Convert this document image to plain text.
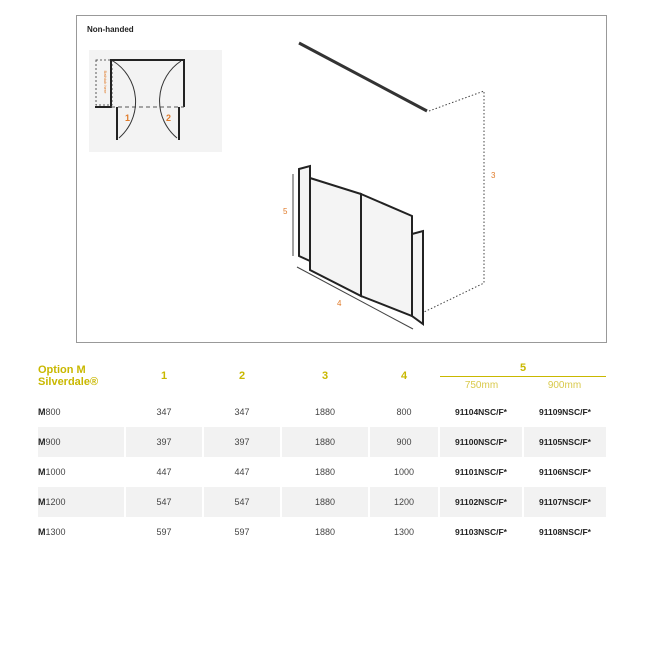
Non-handed
Bathtub here
1	2
3
5
4
Option M
Silverdale®	1	2	3	4	5
750mm 900mm	

M800	347	347	1880	800	91104NSC/F*	91109NSC/F*
M900	397	397	1880	900	91100NSC/F*	91105NSC/F*
M1000	447	447	1880	1000	91101NSC/F*	91106NSC/F*
M1200	547	547	1880	1200	91102NSC/F*	91107NSC/F*
M1300	597	597	1880	1300	91103NSC/F*	91108NSC/F*
